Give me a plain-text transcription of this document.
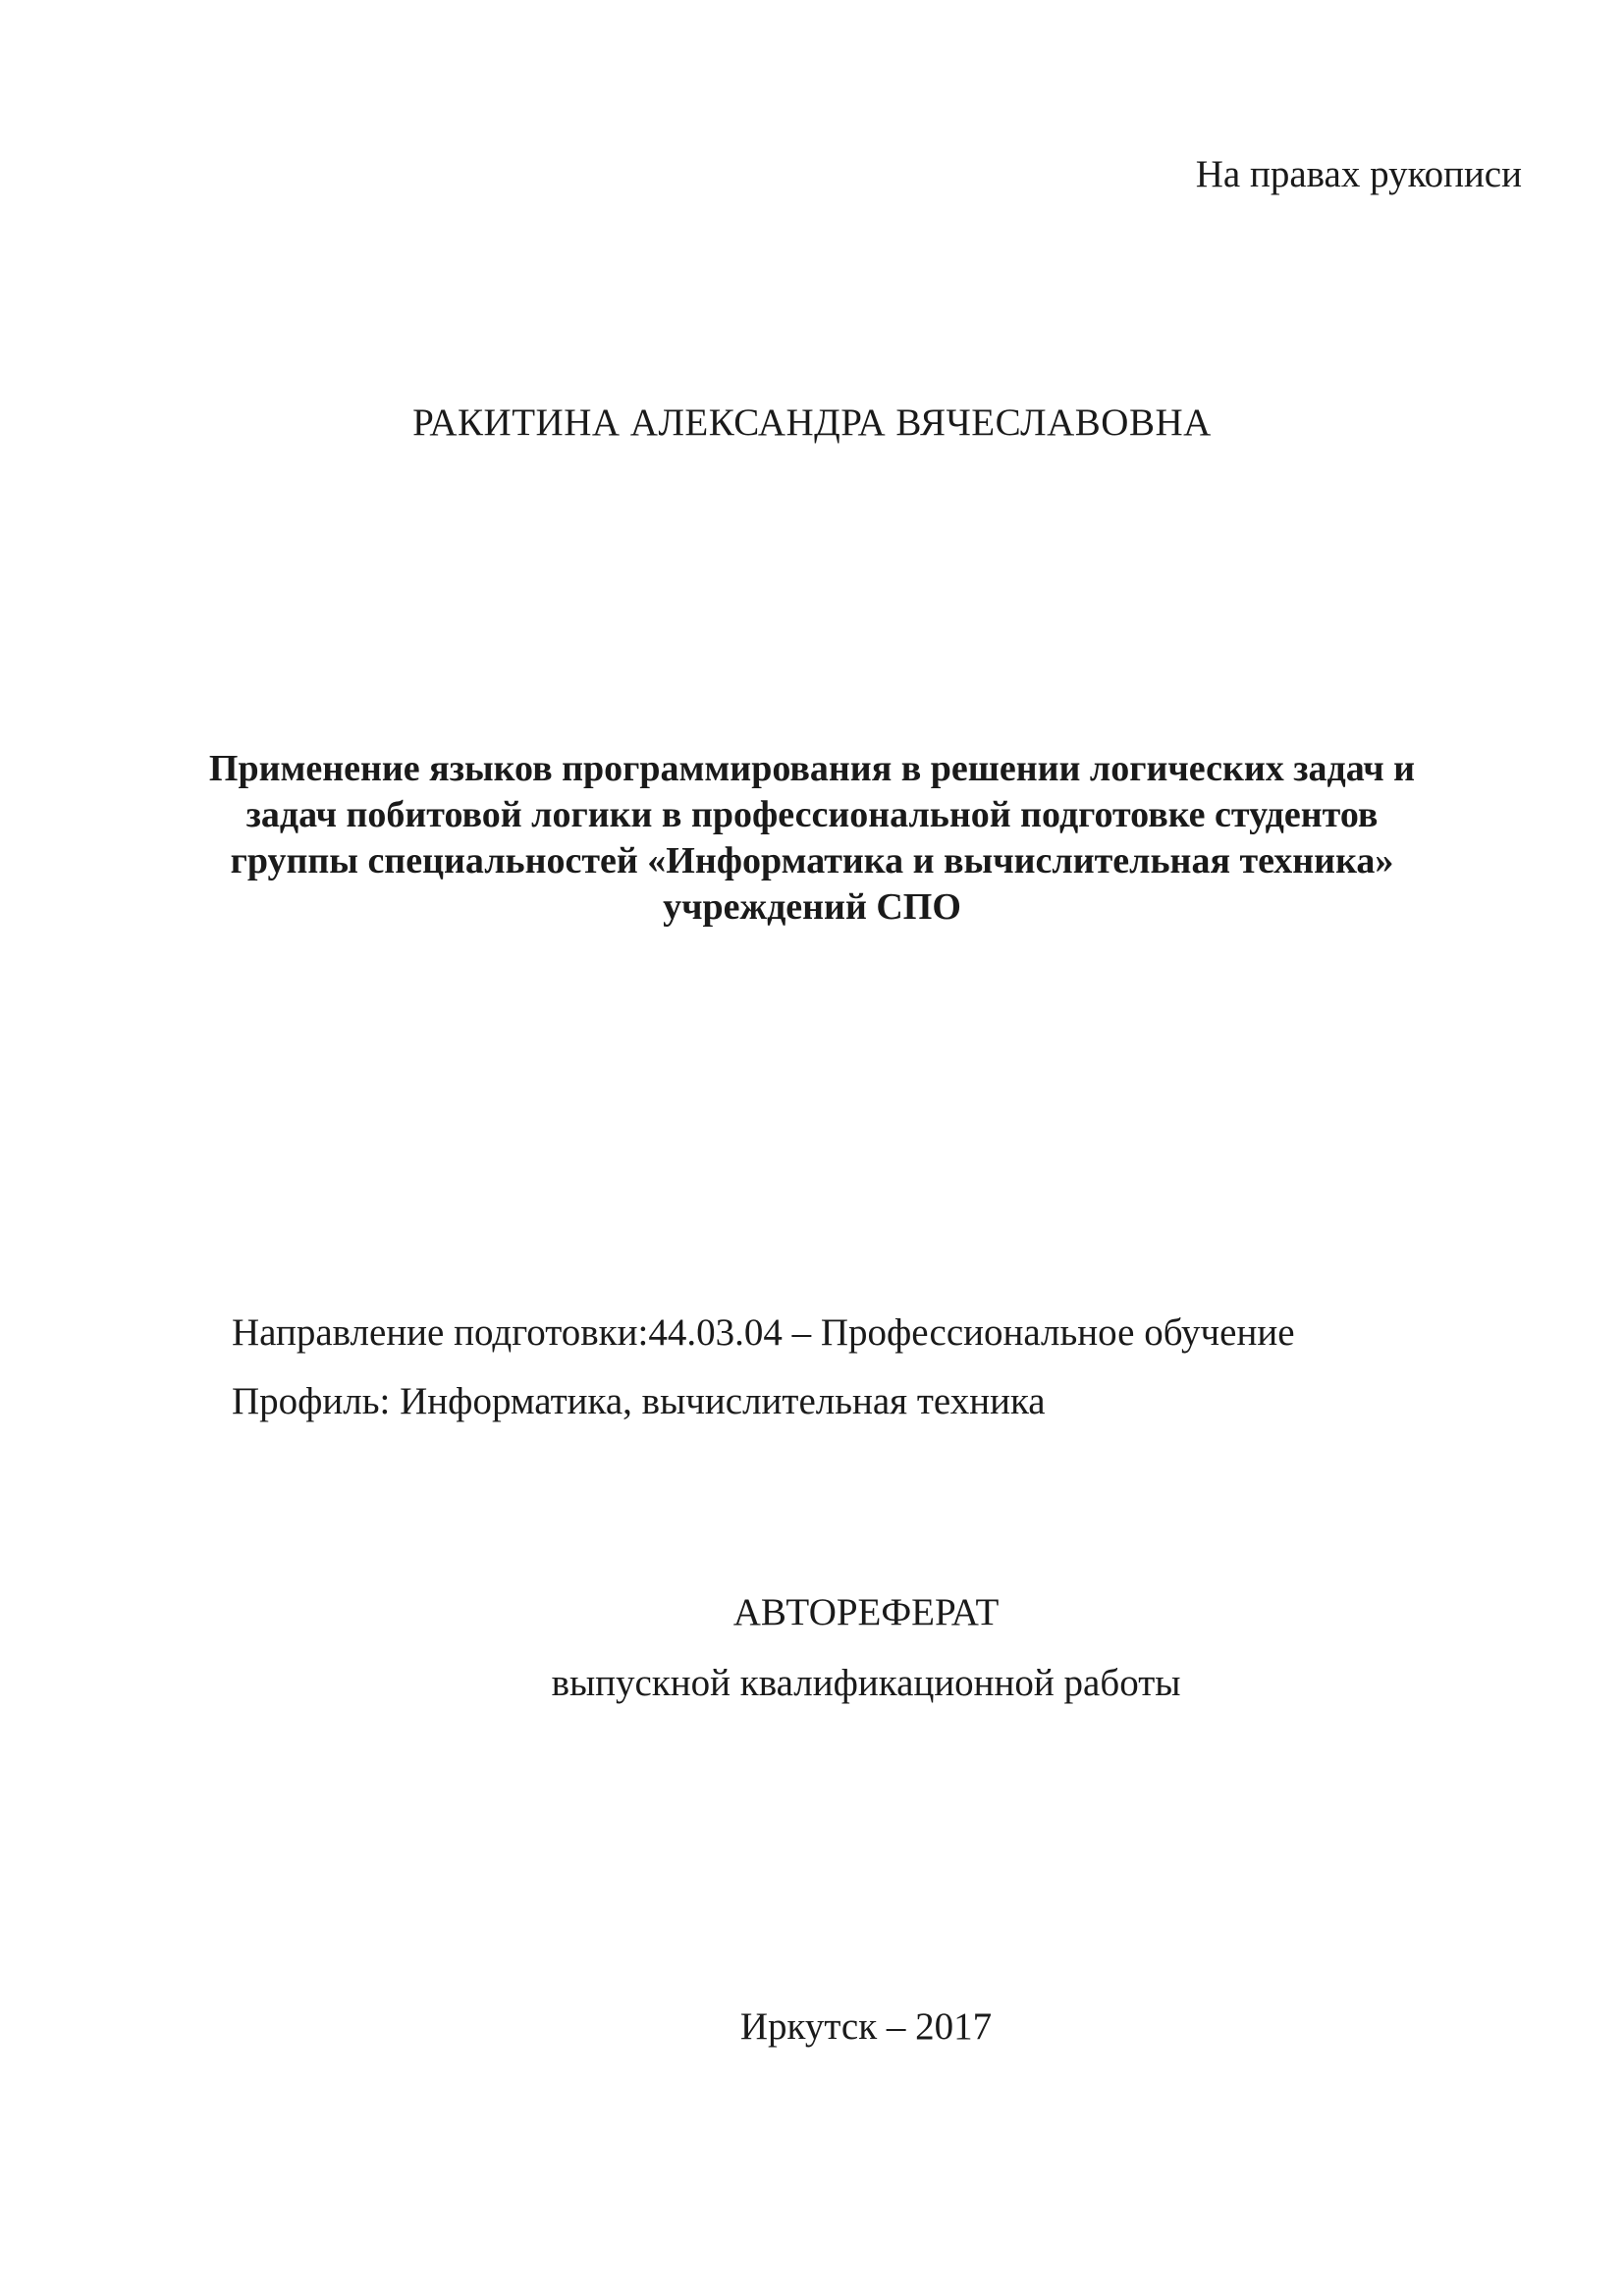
На правах рукописи
РАКИТИНА АЛЕКСАНДРА ВЯЧЕСЛАВОВНА
Применение языков программирования в решении логических задач и
задач побитовой логики в профессиональной подготовке студентов
группы специальностей «Информатика и вычислительная техника»
учреждений СПО
Направление подготовки:44.03.04 – Профессиональное обучение
Профиль: Информатика, вычислительная техника
АВТОРЕФЕРАТ
выпускной квалификационной работы
Иркутск – 2017
